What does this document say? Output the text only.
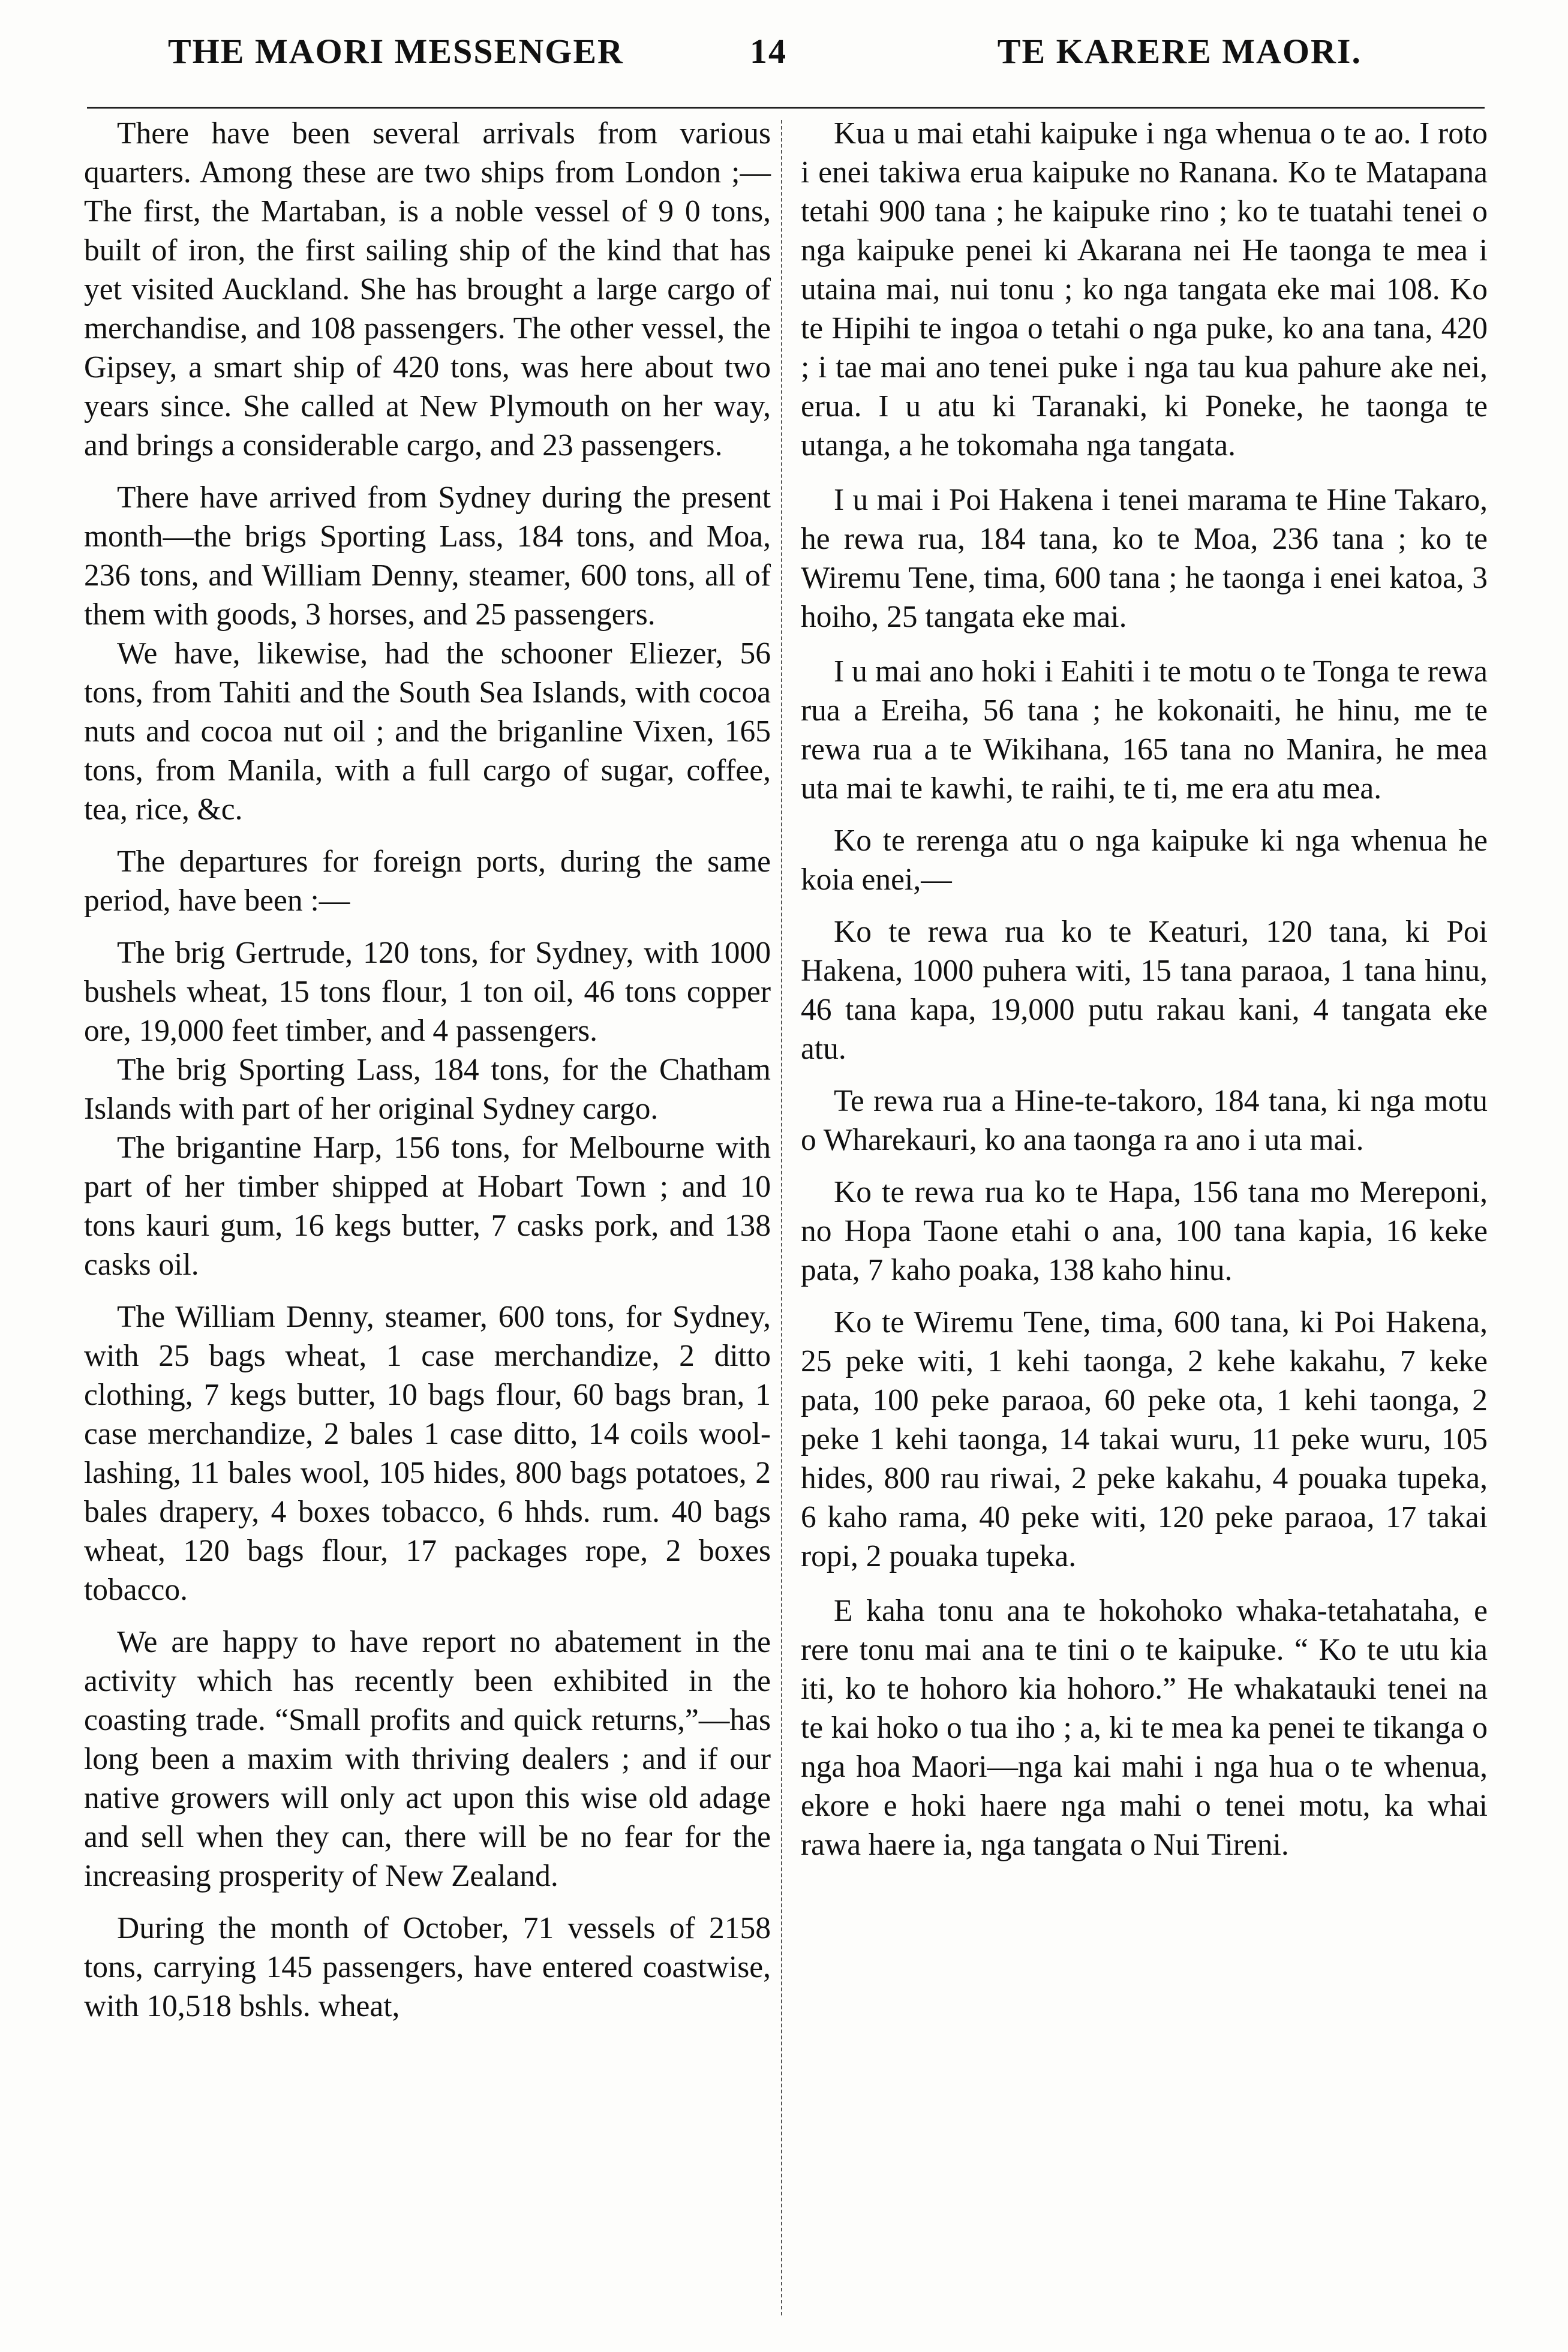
THE MAORI MESSENGER	14	TE KARERE MAORI.

There have been several arrivals from various quarters. Among these are two ships from London ;—The first, the Martaban, is a noble vessel of 9 0 tons, built of iron, the first sailing ship of the kind that has yet visited Auckland. She has brought a large cargo of merchandise, and 108 passengers. The other vessel, the Gipsey, a smart ship of 420 tons, was here about two years since. She called at New Plymouth on her way, and brings a considerable cargo, and 23 passengers.

There have arrived from Sydney during the present month—the brigs Sporting Lass, 184 tons, and Moa, 236 tons, and William Denny, steamer, 600 tons, all of them with goods, 3 horses, and 25 passengers.

We have, likewise, had the schooner Eliezer, 56 tons, from Tahiti and the South Sea Islands, with cocoa nuts and cocoa nut oil ; and the briganline Vixen, 165 tons, from Manila, with a full cargo of sugar, coffee, tea, rice, &c.

The departures for foreign ports, during the same period, have been :—

The brig Gertrude, 120 tons, for Sydney, with 1000 bushels wheat, 15 tons flour, 1 ton oil, 46 tons copper ore, 19,000 feet timber, and 4 passengers.

The brig Sporting Lass, 184 tons, for the Chatham Islands with part of her original Sydney cargo.

The brigantine Harp, 156 tons, for Melbourne with part of her timber shipped at Hobart Town ; and 10 tons kauri gum, 16 kegs butter, 7 casks pork, and 138 casks oil.

The William Denny, steamer, 600 tons, for Sydney, with 25 bags wheat, 1 case merchandize, 2 ditto clothing, 7 kegs butter, 10 bags flour, 60 bags bran, 1 case merchandize, 2 bales 1 case ditto, 14 coils wool-lashing, 11 bales wool, 105 hides, 800 bags potatoes, 2 bales drapery, 4 boxes tobacco, 6 hhds. rum. 40 bags wheat, 120 bags flour, 17 packages rope, 2 boxes tobacco.

We are happy to have report no abatement in the activity which has recently been exhibited in the coasting trade. “Small profits and quick returns,”—has long been a maxim with thriving dealers ; and if our native growers will only act upon this wise old adage and sell when they can, there will be no fear for the increasing prosperity of New Zealand.

During the month of October, 71 vessels of 2158 tons, carrying 145 passengers, have entered coastwise, with 10,518 bshls. wheat,

Kua u mai etahi kaipuke i nga whenua o te ao. I roto i enei takiwa erua kaipuke no Ranana. Ko te Matapana tetahi 900 tana ; he kaipuke rino ; ko te tuatahi tenei o nga kaipuke penei ki Akarana nei He taonga te mea i utaina mai, nui tonu ; ko nga tangata eke mai 108. Ko te Hipihi te ingoa o tetahi o nga puke, ko ana tana, 420 ; i tae mai ano tenei puke i nga tau kua pahure ake nei, erua. I u atu ki Taranaki, ki Poneke, he taonga te utanga, a he tokomaha nga tangata.

I u mai i Poi Hakena i tenei marama te Hine Takaro, he rewa rua, 184 tana, ko te Moa, 236 tana ; ko te Wiremu Tene, tima, 600 tana ; he taonga i enei katoa, 3 hoiho, 25 tangata eke mai.

I u mai ano hoki i Eahiti i te motu o te Tonga te rewa rua a Ereiha, 56 tana ; he kokonaiti, he hinu, me te rewa rua a te Wikihana, 165 tana no Manira, he mea uta mai te kawhi, te raihi, te ti, me era atu mea.

Ko te rerenga atu o nga kaipuke ki nga whenua he koia enei,—

Ko te rewa rua ko te Keaturi, 120 tana, ki Poi Hakena, 1000 puhera witi, 15 tana paraoa, 1 tana hinu, 46 tana kapa, 19,000 putu rakau kani, 4 tangata eke atu.

Te rewa rua a Hine-te-takoro, 184 tana, ki nga motu o Wharekauri, ko ana taonga ra ano i uta mai.

Ko te rewa rua ko te Hapa, 156 tana mo Mereponi, no Hopa Taone etahi o ana, 100 tana kapia, 16 keke pata, 7 kaho poaka, 138 kaho hinu.

Ko te Wiremu Tene, tima, 600 tana, ki Poi Hakena, 25 peke witi, 1 kehi taonga, 2 kehe kakahu, 7 keke pata, 100 peke paraoa, 60 peke ota, 1 kehi taonga, 2 peke 1 kehi taonga, 14 takai wuru, 11 peke wuru, 105 hides, 800 rau riwai, 2 peke kakahu, 4 pouaka tupeka, 6 kaho rama, 40 peke witi, 120 peke paraoa, 17 takai ropi, 2 pouaka tupeka.

E kaha tonu ana te hokohoko whaka-tetahataha, e rere tonu mai ana te tini o te kaipuke. “ Ko te utu kia iti, ko te hohoro kia hohoro.” He whakatauki tenei na te kai hoko o tua iho ; a, ki te mea ka penei te tikanga o nga hoa Maori—nga kai mahi i nga hua o te whenua, ekore e hoki haere nga mahi o tenei motu, ka whai rawa haere ia, nga tangata o Nui Tireni.
